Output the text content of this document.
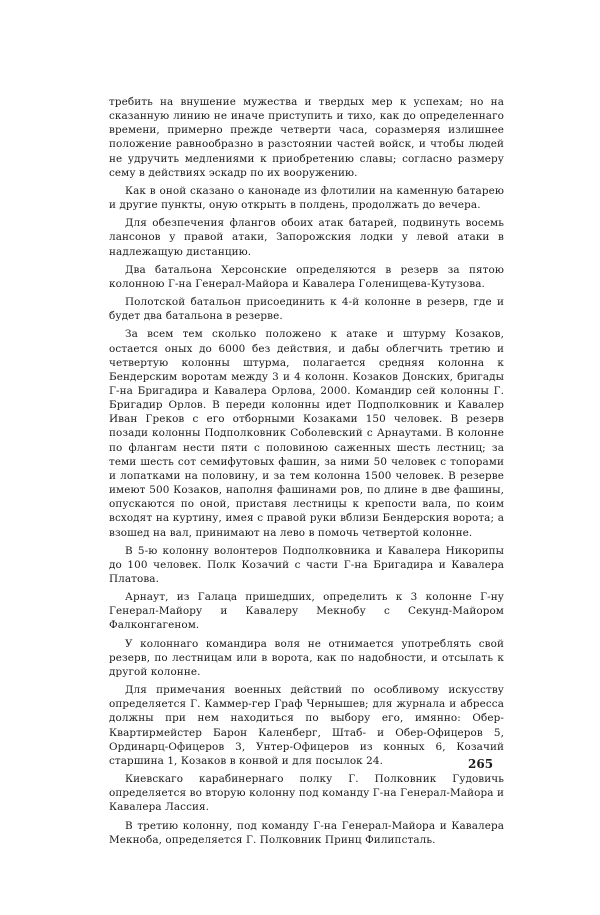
требить на внушение мужества и твердых мер к успехам; но на сказанную линию не иначе приступить и тихо, как до определеннаго времени, примерно прежде четверти часа, соразмеряя излишнее положение равнообразно в разстоянии частей войск, и чтобы людей не удручить медлениями к приобретению славы; согласно размеру сему в действиях эскадр по их вооружению.

Как в оной сказано о канонаде из флотилии на каменную батарею и другие пункты, оную открыть в полдень, продолжать до вечера.

Для обезпечения флангов обоих атак батарей, подвинуть восемь лансонов у правой атаки, Запорожския лодки у левой атаки в надлежащую дистанцию.

Два батальона Херсонские определяются в резерв за пятою колонною Г-на Генерал-Майора и Кавалера Голенищева-Кутузова.

Полотской батальон присоединить к 4-й колонне в резерв, где и будет два батальона в резерве.

За всем тем сколько положено к атаке и штурму Козаков, остается оных до 6000 без действия, и дабы облегчить третию и четвертую колонны штурма, полагается средняя колонна к Бендерским воротам между 3 и 4 колонн. Козаков Донских, бригады Г-на Бригадира и Кавалера Орлова, 2000. Командир сей колонны Г. Бригадир Орлов. В переди колонны идет Подполковник и Кавалер Иван Греков с его отборными Козаками 150 человек. В резерв позади колонны Подполковник Соболевский с Арнаутами. В колонне по флангам нести пяти с половиною саженных шесть лестниц; за теми шесть сот семифутовых фашин, за ними 50 человек с топорами и лопатками на половину, и за тем колонна 1500 человек. В резерве имеют 500 Козаков, наполня фашинами ров, по длине в две фашины, опускаются по оной, приставя лестницы к крепости вала, по коим всходят на куртину, имея с правой руки вблизи Бендерския ворота; а взошед на вал, принимают на лево в помочь четвертой колонне.

В 5-ю колонну волонтеров Подполковника и Кавалера Никорипы до 100 человек. Полк Козачий с части Г-на Бригадира и Кавалера Платова.

Арнаут, из Галаца пришедших, определить к 3 колонне Г-ну Генерал-Майору и Кавалеру Мекнобу с Секунд-Майором Фалконгагеном.

У колоннаго командира воля не отнимается употреблять свой резерв, по лестницам или в ворота, как по надобности, и отсылать к другой колонне.

Для примечания военных действий по особливому искусству определяется Г. Каммер-гер Граф Чернышев; для журнала и абресса должны при нем находиться по выбору его, имянно: Обер-Квартирмейстер Барон Каленберг, Штаб- и Обер-Офицеров 5, Ординарц-Офицеров 3, Унтер-Офицеров из конных 6, Козачий старшина 1, Козаков в конвой и для посылок 24.

Киевскаго карабинернаго полку Г. Полковник Гудовичь определяется во вторую колонну под команду Г-на Генерал-Майора и Кавалера Лассия.

В третию колонну, под команду Г-на Генерал-Майора и Кавалера Мекноба, определяется Г. Полковник Принц Филипсталь.

265
